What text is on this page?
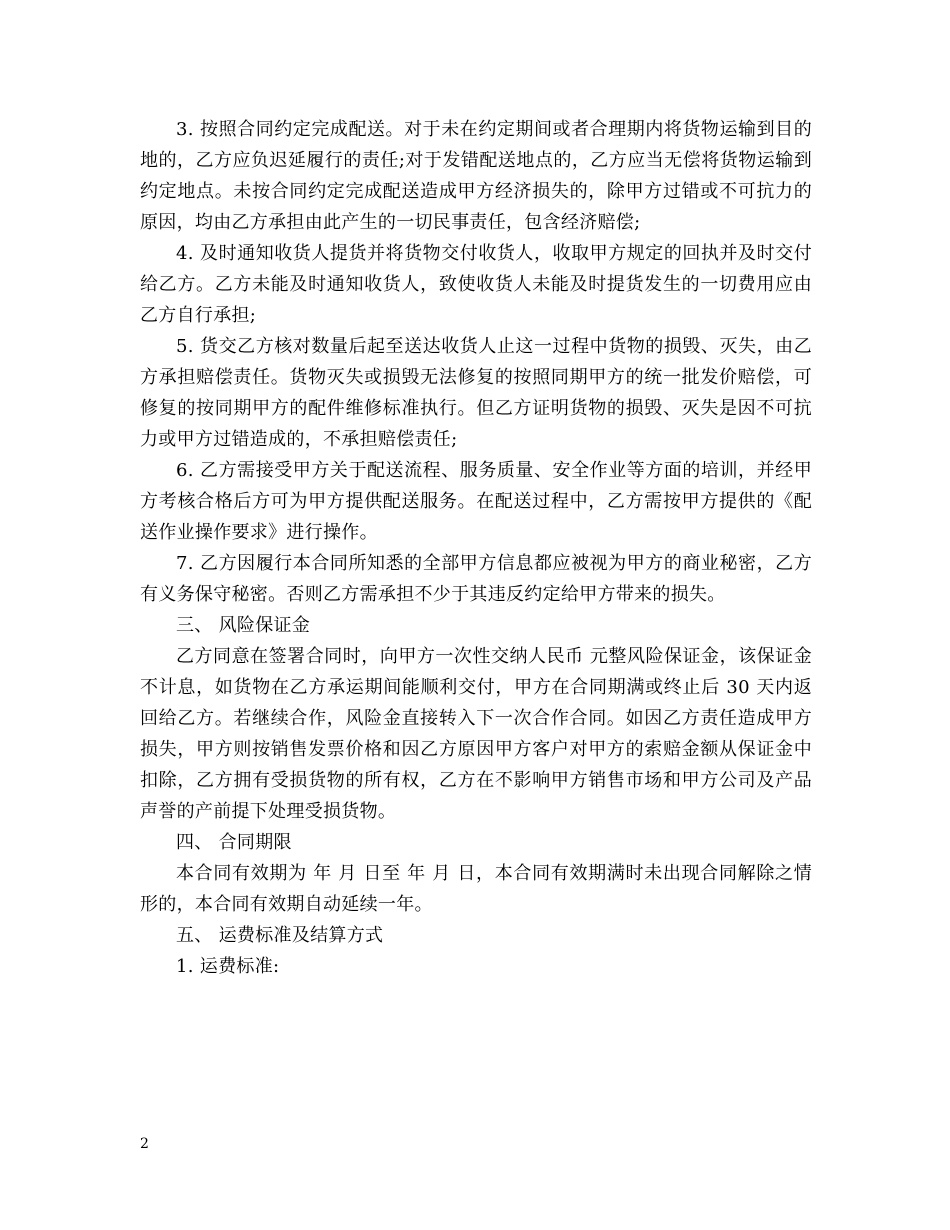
3. 按照合同约定完成配送。对于未在约定期间或者合理期内将货物运输到目的地的，乙方应负迟延履行的责任;对于发错配送地点的，乙方应当无偿将货物运输到约定地点。未按合同约定完成配送造成甲方经济损失的，除甲方过错或不可抗力的原因，均由乙方承担由此产生的一切民事责任，包含经济赔偿;

4. 及时通知收货人提货并将货物交付收货人，收取甲方规定的回执并及时交付给乙方。乙方未能及时通知收货人，致使收货人未能及时提货发生的一切费用应由乙方自行承担;

5. 货交乙方核对数量后起至送达收货人止这一过程中货物的损毁、灭失，由乙方承担赔偿责任。货物灭失或损毁无法修复的按照同期甲方的统一批发价赔偿，可修复的按同期甲方的配件维修标准执行。但乙方证明货物的损毁、灭失是因不可抗力或甲方过错造成的，不承担赔偿责任;

6. 乙方需接受甲方关于配送流程、服务质量、安全作业等方面的培训，并经甲方考核合格后方可为甲方提供配送服务。在配送过程中，乙方需按甲方提供的《配送作业操作要求》进行操作。

7. 乙方因履行本合同所知悉的全部甲方信息都应被视为甲方的商业秘密，乙方有义务保守秘密。否则乙方需承担不少于其违反约定给甲方带来的损失。

三、 风险保证金

乙方同意在签署合同时，向甲方一次性交纳人民币 元整风险保证金，该保证金不计息，如货物在乙方承运期间能顺利交付，甲方在合同期满或终止后 30 天内返回给乙方。若继续合作，风险金直接转入下一次合作合同。如因乙方责任造成甲方损失，甲方则按销售发票价格和因乙方原因甲方客户对甲方的索赔金额从保证金中扣除，乙方拥有受损货物的所有权，乙方在不影响甲方销售市场和甲方公司及产品声誉的产前提下处理受损货物。

四、 合同期限

本合同有效期为 年 月 日至 年 月 日，本合同有效期满时未出现合同解除之情形的，本合同有效期自动延续一年。

五、 运费标准及结算方式

1. 运费标准:

2
